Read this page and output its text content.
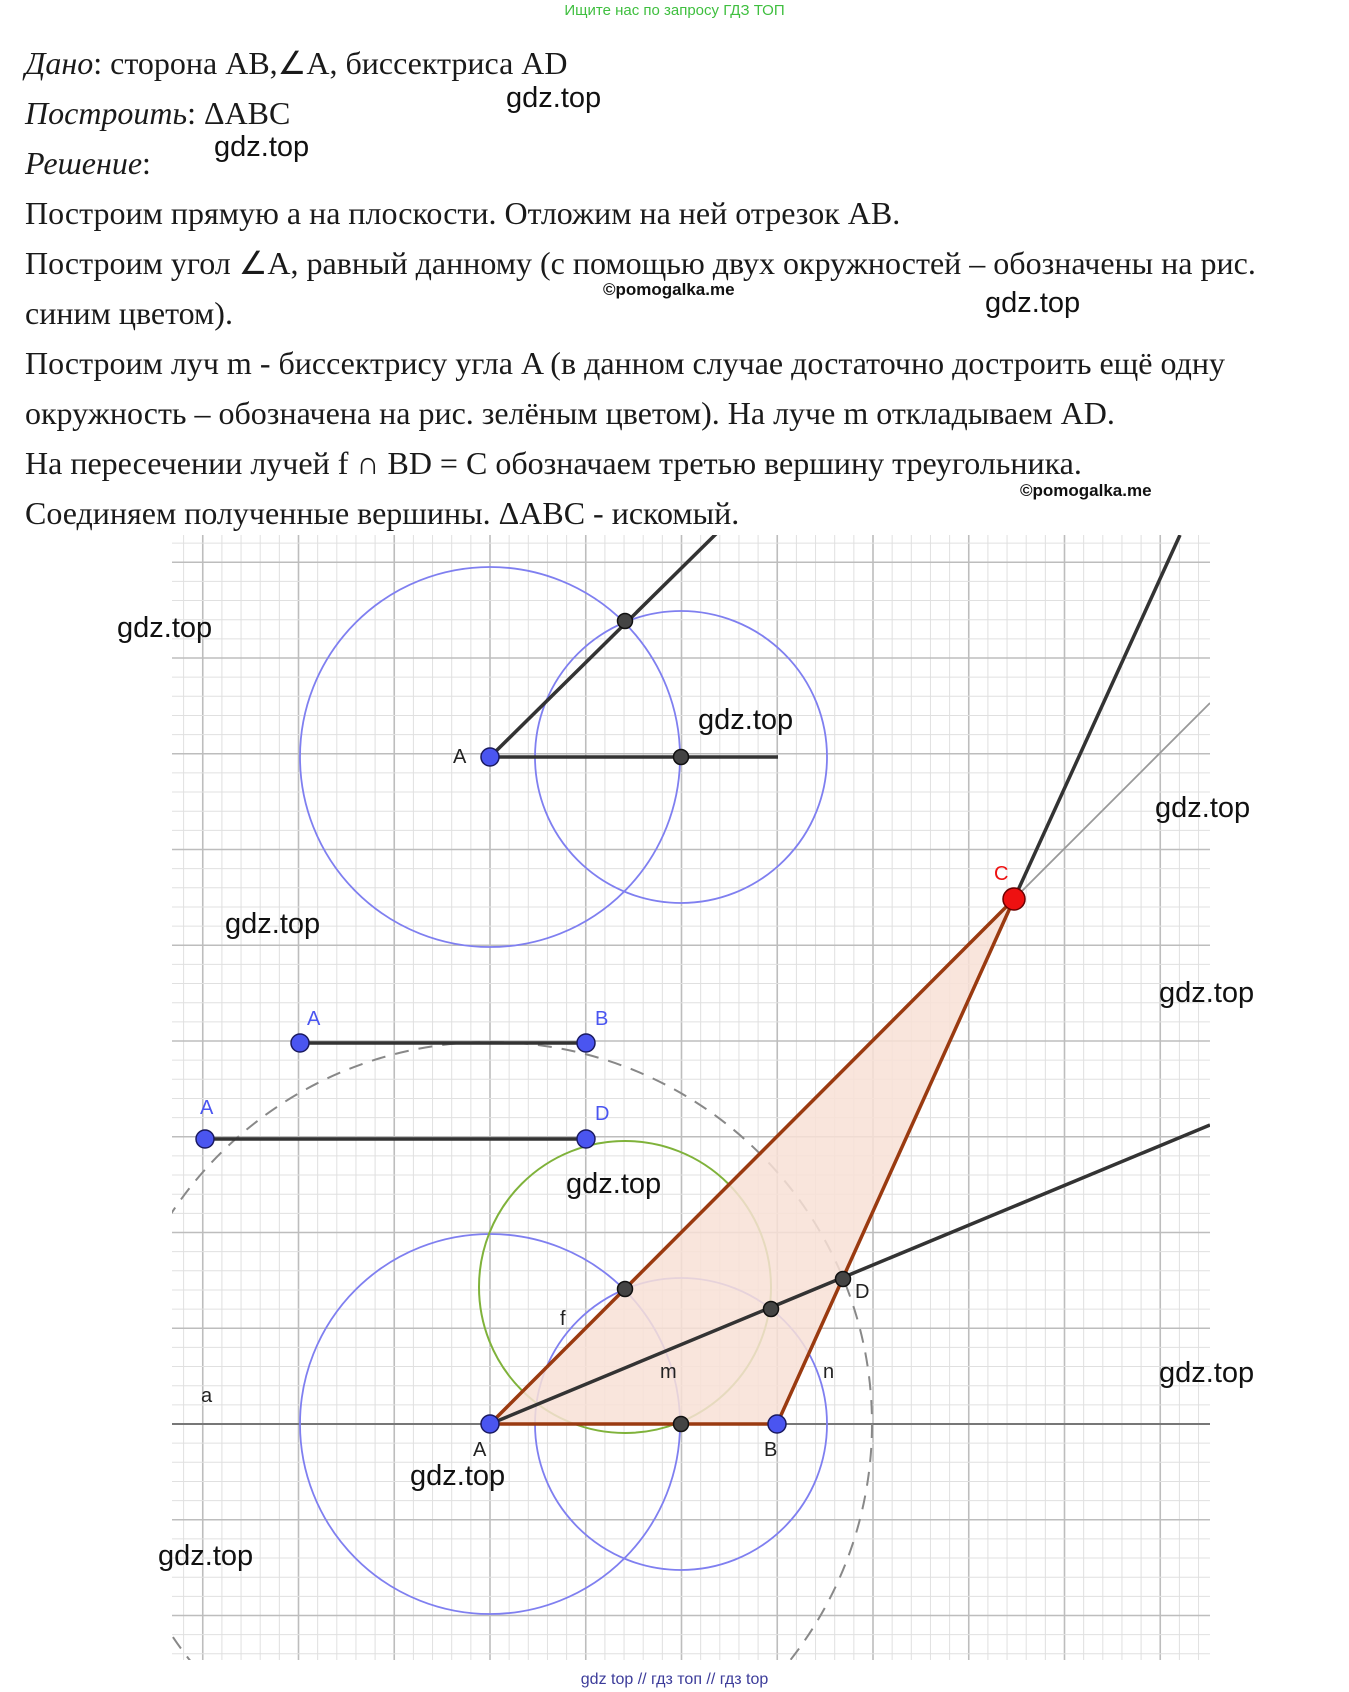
Ищите нас по запросу ГДЗ ТОП

Дано: сторона AB,∠A, биссектриса AD

Построить: ΔABC

Решение:

Построим прямую a на плоскости. Отложим на ней отрезок AB.

Построим угол ∠A, равный данному (с помощью двух окружностей – обозначены на рис. синим цветом).

Построим луч m - биссектрису угла A (в данном случае достаточно достроить ещё одну окружность – обозначена на рис. зелёным цветом). На луче m откладываем AD.

На пересечении лучей f ∩ BD = C обозначаем третью вершину треугольника.

Соединяем полученные вершины. ΔABC - искомый.

A
A	B
A	D
C
D
f
m	n
a
A	B
gdz.top
gdz.top
©pomogalka.me	gdz.top
©pomogalka.me
gdz.top
gdz.top
gdz.top
gdz.top
gdz.top
gdz.top
gdz.top
gdz.top
gdz.top
gdz top // гдз топ // гдз top
